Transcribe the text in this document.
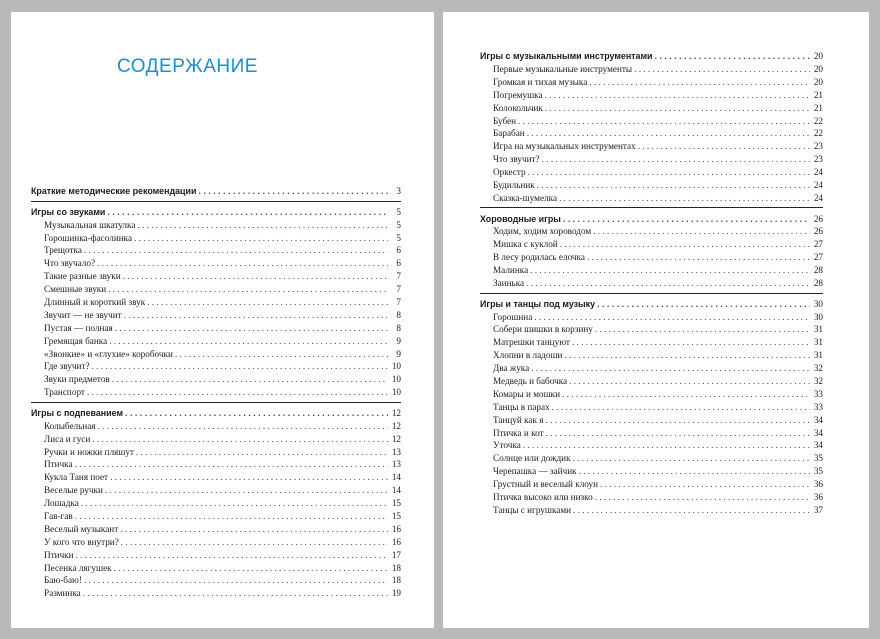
СОДЕРЖАНИЕ
Краткие методические рекомендации . . .	3
Игры со звуками . . .	5
Музыкальная шкатулка . . .	5
Горошинка-фасолинка . . .	5
Трещотка . . .	6
Что звучало? . . .	6
Такие разные звуки . . .	7
Смешные звуки . . .	7
Длинный и короткий звук . . .	7
Звучит — не звучит . . .	8
Пустая — полная . . .	8
Гремящая банка . . .	9
«Звонкие» и «глухие» коробочки . . .	9
Где звучит? . . .	10
Звуки предметов . . .	10
Транспорт . . .	10
Игры с подпеванием . . .	12
Колыбельная . . .	12
Лиса и гуси . . .	12
Ручки и ножки пляшут . . .	13
Птичка . . .	13
Кукла Таня поет . . .	14
Веселые ручки . . .	14
Лошадка . . .	15
Гав-гав . . .	15
Веселый музыкант . . .	16
У кого что внутри? . . .	16
Птички . . .	17
Песенка лягушек . . .	18
Баю-баю! . . .	18
Разминка . . .	19
Игры с музыкальными инструментами . . .	20
Первые музыкальные инструменты . . .	20
Громкая и тихая музыка . . .	20
Погремушка . . .	21
Колокольчик . . .	21
Бубен . . .	22
Барабан . . .	22
Игра на музыкальных инструментах . . .	23
Что звучит? . . .	23
Оркестр . . .	24
Будильник . . .	24
Сказка-шумелка . . .	24
Хороводные игры . . .	26
Ходим, ходим хороводом . . .	26
Мишка с куклой . . .	27
В лесу родилась елочка . . .	27
Малинка . . .	28
Заинька . . .	28
Игры и танцы под музыку . . .	30
Горошина . . .	30
Собери шишки в корзину . . .	31
Матрешки танцуют . . .	31
Хлопни в ладоши . . .	31
Два жука . . .	32
Медведь и бабочка . . .	32
Комары и мошки . . .	33
Танцы в парах . . .	33
Танцуй как я . . .	34
Птичка и кот . . .	34
Уточка . . .	34
Солнце или дождик . . .	35
Черепашка — зайчик . . .	35
Грустный и веселый клоун . . .	36
Птичка высоко или низко . . .	36
Танцы с игрушками . . .	37
